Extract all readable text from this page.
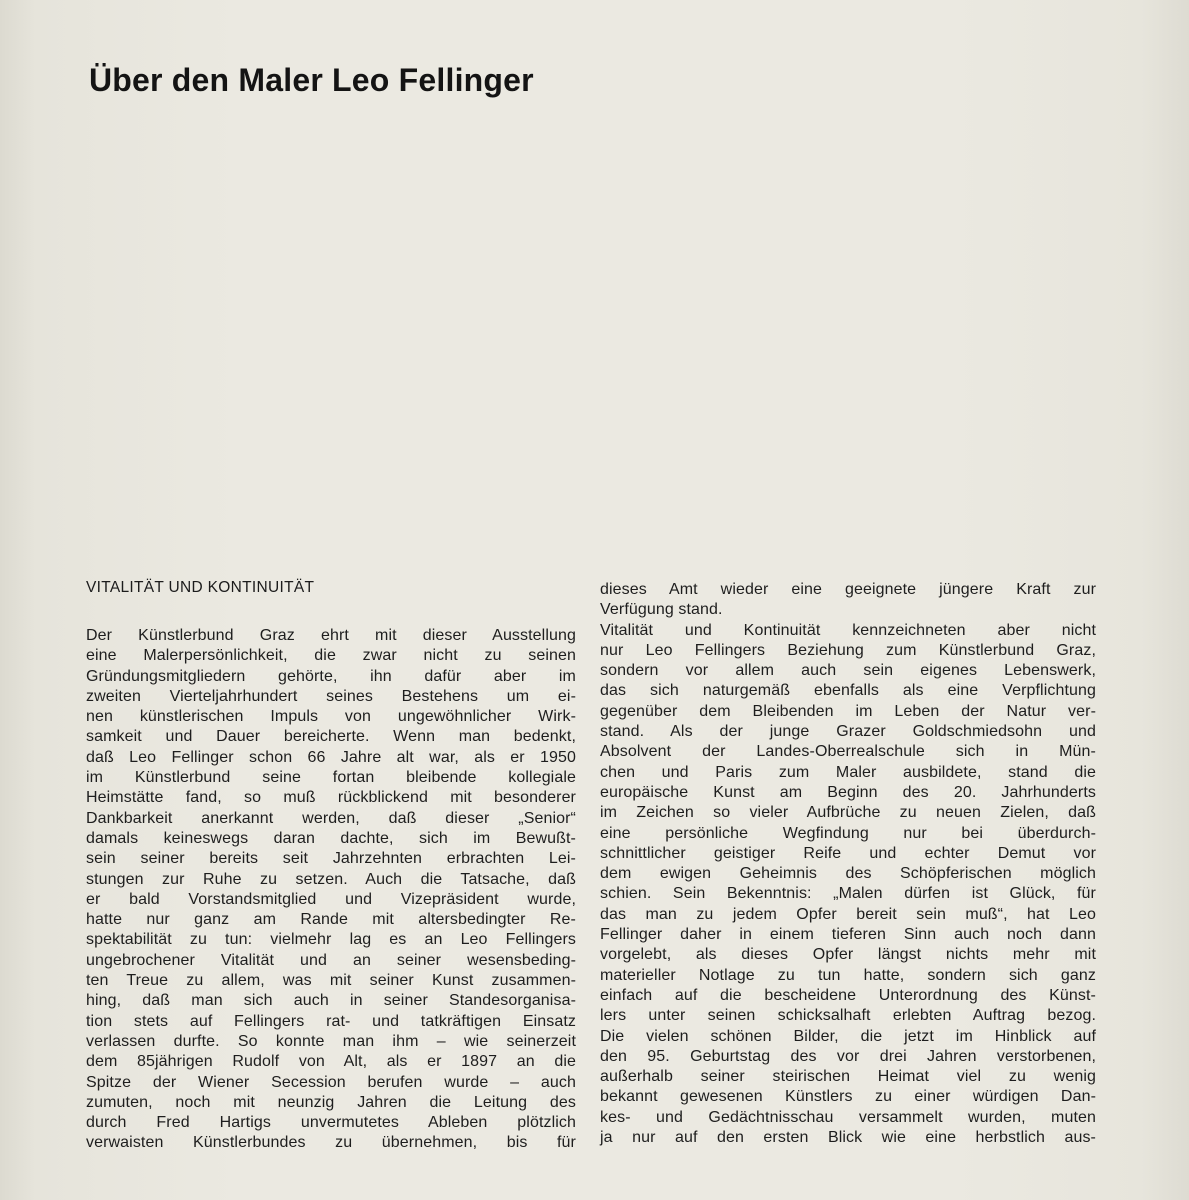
Über den Maler Leo Fellinger
VITALITÄT UND KONTINUITÄT
Der Künstlerbund Graz ehrt mit dieser Ausstellung
eine Malerpersönlichkeit, die zwar nicht zu seinen
Gründungsmitgliedern gehörte, ihn dafür aber im
zweiten Vierteljahrhundert seines Bestehens um ei-
nen künstlerischen Impuls von ungewöhnlicher Wirk-
samkeit und Dauer bereicherte. Wenn man bedenkt,
daß Leo Fellinger schon 66 Jahre alt war, als er 1950
im Künstlerbund seine fortan bleibende kollegiale
Heimstätte fand, so muß rückblickend mit besonderer
Dankbarkeit anerkannt werden, daß dieser „Senior“
damals keineswegs daran dachte, sich im Bewußt-
sein seiner bereits seit Jahrzehnten erbrachten Lei-
stungen zur Ruhe zu setzen. Auch die Tatsache, daß
er bald Vorstandsmitglied und Vizepräsident wurde,
hatte nur ganz am Rande mit altersbedingter Re-
spektabilität zu tun: vielmehr lag es an Leo Fellingers
ungebrochener Vitalität und an seiner wesensbeding-
ten Treue zu allem, was mit seiner Kunst zusammen-
hing, daß man sich auch in seiner Standesorganisa-
tion stets auf Fellingers rat- und tatkräftigen Einsatz
verlassen durfte. So konnte man ihm – wie seinerzeit
dem 85jährigen Rudolf von Alt, als er 1897 an die
Spitze der Wiener Secession berufen wurde – auch
zumuten, noch mit neunzig Jahren die Leitung des
durch Fred Hartigs unvermutetes Ableben plötzlich
verwaisten Künstlerbundes zu übernehmen, bis für
dieses Amt wieder eine geeignete jüngere Kraft zur
Verfügung stand.
Vitalität und Kontinuität kennzeichneten aber nicht
nur Leo Fellingers Beziehung zum Künstlerbund Graz,
sondern vor allem auch sein eigenes Lebenswerk,
das sich naturgemäß ebenfalls als eine Verpflichtung
gegenüber dem Bleibenden im Leben der Natur ver-
stand. Als der junge Grazer Goldschmiedsohn und
Absolvent der Landes-Oberrealschule sich in Mün-
chen und Paris zum Maler ausbildete, stand die
europäische Kunst am Beginn des 20. Jahrhunderts
im Zeichen so vieler Aufbrüche zu neuen Zielen, daß
eine persönliche Wegfindung nur bei überdurch-
schnittlicher geistiger Reife und echter Demut vor
dem ewigen Geheimnis des Schöpferischen möglich
schien. Sein Bekenntnis: „Malen dürfen ist Glück, für
das man zu jedem Opfer bereit sein muß“, hat Leo
Fellinger daher in einem tieferen Sinn auch noch dann
vorgelebt, als dieses Opfer längst nichts mehr mit
materieller Notlage zu tun hatte, sondern sich ganz
einfach auf die bescheidene Unterordnung des Künst-
lers unter seinen schicksalhaft erlebten Auftrag bezog.
Die vielen schönen Bilder, die jetzt im Hinblick auf
den 95. Geburtstag des vor drei Jahren verstorbenen,
außerhalb seiner steirischen Heimat viel zu wenig
bekannt gewesenen Künstlers zu einer würdigen Dan-
kes- und Gedächtnisschau versammelt wurden, muten
ja nur auf den ersten Blick wie eine herbstlich aus-
